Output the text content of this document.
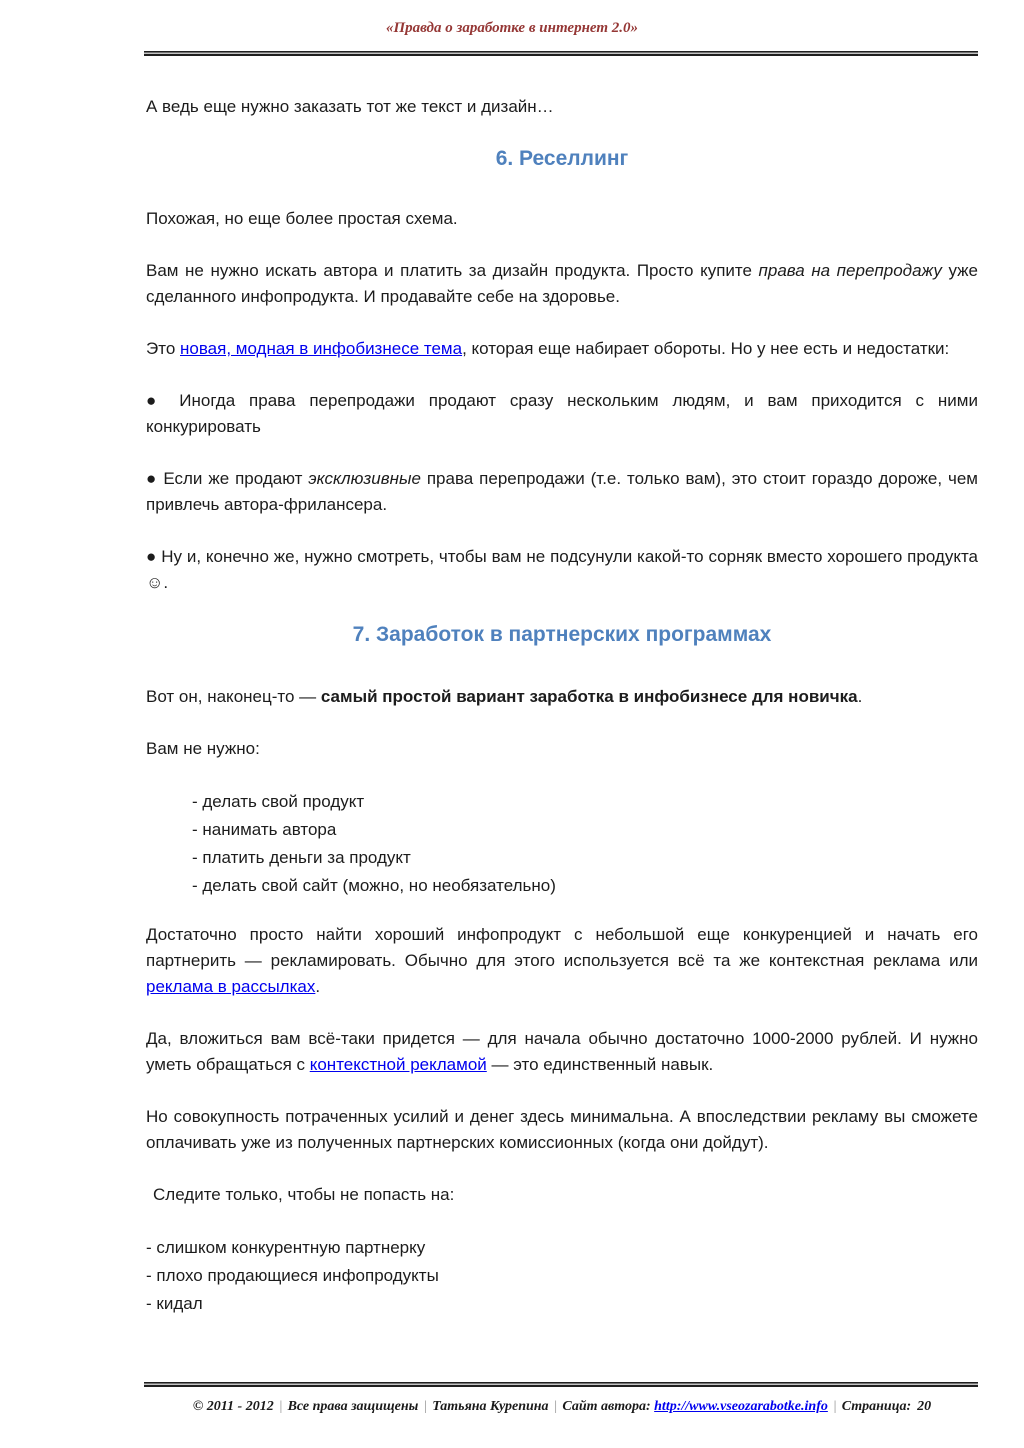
«Правда о заработке в интернет 2.0»

А ведь еще нужно заказать тот же текст и дизайн…

6. Реселлинг

Похожая, но еще более простая схема.

Вам не нужно искать автора и платить за дизайн продукта. Просто купите права на перепродажу уже сделанного инфопродукта. И продавайте себе на здоровье.

Это новая, модная в инфобизнесе тема, которая еще набирает обороты. Но у нее есть и недостатки:

● Иногда права перепродажи продают сразу нескольким людям, и вам приходится с ними конкурировать

● Если же продают эксклюзивные права перепродажи (т.е. только вам), это стоит гораздо дороже, чем привлечь автора-фрилансера.

● Ну и, конечно же, нужно смотреть, чтобы вам не подсунули какой-то сорняк вместо хорошего продукта ☺.

7. Заработок в партнерских программах

Вот он, наконец-то — самый простой вариант заработка в инфобизнесе для новичка.

Вам не нужно:

- делать свой продукт
- нанимать автора
- платить деньги за продукт
- делать свой сайт (можно, но необязательно)

Достаточно просто найти хороший инфопродукт с небольшой еще конкуренцией и начать его партнерить — рекламировать. Обычно для этого используется всё та же контекстная реклама или реклама в рассылках.

Да, вложиться вам всё-таки придется — для начала обычно достаточно 1000-2000 рублей. И нужно уметь обращаться с контекстной рекламой — это единственный навык.

Но совокупность потраченных усилий и денег здесь минимальна. А впоследствии рекламу вы сможете оплачивать уже из полученных партнерских комиссионных (когда они дойдут).

Следите только, чтобы не попасть на:

- слишком конкурентную партнерку
- плохо продающиеся инфопродукты
- кидал
© 2011 - 2012 | Все права защищены | Татьяна Курепина | Сайт автора: http://www.vseozarabotke.info | Страница: 20
